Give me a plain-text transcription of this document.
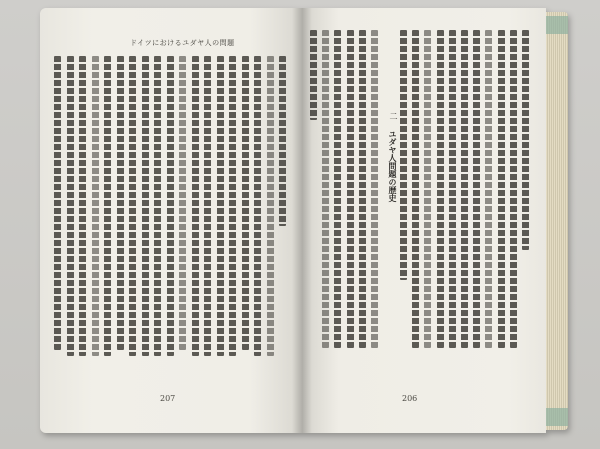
ドイツにおけるユダヤ人の問題
207
二
ユダヤ人問題の歴史
206
